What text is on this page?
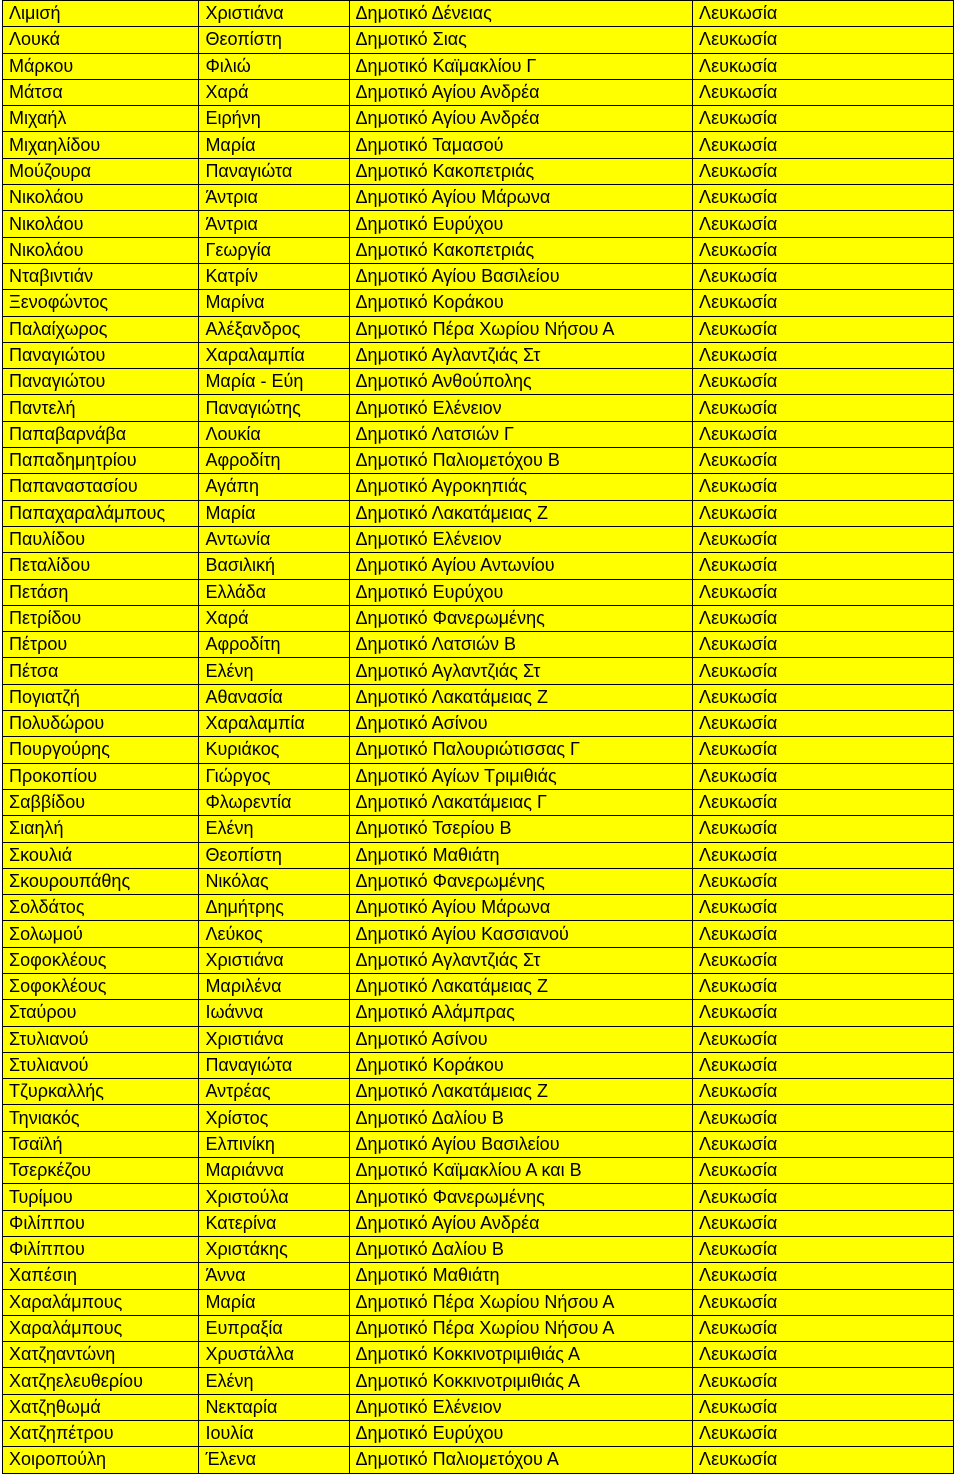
Λιμισή	Χριστιάνα	Δημοτικό Δένειας	Λευκωσία
Λουκά	Θεοπίστη	Δημοτικό Σιας	Λευκωσία
Μάρκου	Φιλιώ	Δημοτικό Καϊμακλίου Γ	Λευκωσία
Μάτσα	Χαρά	Δημοτικό Αγίου Ανδρέα	Λευκωσία
Μιχαήλ	Ειρήνη	Δημοτικό Αγίου Ανδρέα	Λευκωσία
Μιχαηλίδου	Μαρία	Δημοτικό Ταμασού	Λευκωσία
Μούζουρα	Παναγιώτα	Δημοτικό Κακοπετριάς	Λευκωσία
Νικολάου	Άντρια	Δημοτικό Αγίου Μάρωνα	Λευκωσία
Νικολάου	Άντρια	Δημοτικό Ευρύχου	Λευκωσία
Νικολάου	Γεωργία	Δημοτικό Κακοπετριάς	Λευκωσία
Νταβιντιάν	Κατρίν	Δημοτικό Αγίου Βασιλείου	Λευκωσία
Ξενοφώντος	Μαρίνα	Δημοτικό Κοράκου	Λευκωσία
Παλαίχωρος	Αλέξανδρος	Δημοτικό Πέρα Χωρίου Νήσου Α	Λευκωσία
Παναγιώτου	Χαραλαμπία	Δημοτικό Αγλαντζιάς Στ	Λευκωσία
Παναγιώτου	Μαρία - Εύη	Δημοτικό Ανθούπολης	Λευκωσία
Παντελή	Παναγιώτης	Δημοτικό Ελένειον	Λευκωσία
Παπαβαρνάβα	Λουκία	Δημοτικό Λατσιών Γ	Λευκωσία
Παπαδημητρίου	Αφροδίτη	Δημοτικό Παλιομετόχου Β	Λευκωσία
Παπαναστασίου	Αγάπη	Δημοτικό Αγροκηπιάς	Λευκωσία
Παπαχαραλάμπους	Μαρία	Δημοτικό Λακατάμειας Ζ	Λευκωσία
Παυλίδου	Αντωνία	Δημοτικό Ελένειον	Λευκωσία
Πεταλίδου	Βασιλική	Δημοτικό Αγίου Αντωνίου	Λευκωσία
Πετάση	Ελλάδα	Δημοτικό Ευρύχου	Λευκωσία
Πετρίδου	Χαρά	Δημοτικό Φανερωμένης	Λευκωσία
Πέτρου	Αφροδίτη	Δημοτικό Λατσιών Β	Λευκωσία
Πέτσα	Ελένη	Δημοτικό Αγλαντζιάς Στ	Λευκωσία
Πογιατζή	Αθανασία	Δημοτικό Λακατάμειας Ζ	Λευκωσία
Πολυδώρου	Χαραλαμπία	Δημοτικό Ασίνου	Λευκωσία
Πουργούρης	Κυριάκος	Δημοτικό Παλουριώτισσας Γ	Λευκωσία
Προκοπίου	Γιώργος	Δημοτικό Αγίων Τριμιθιάς	Λευκωσία
Σαββίδου	Φλωρεντία	Δημοτικό Λακατάμειας Γ	Λευκωσία
Σιαηλή	Ελένη	Δημοτικό Τσερίου Β	Λευκωσία
Σκουλιά	Θεοπίστη	Δημοτικό Μαθιάτη	Λευκωσία
Σκουρουπάθης	Νικόλας	Δημοτικό Φανερωμένης	Λευκωσία
Σολδάτος	Δημήτρης	Δημοτικό Αγίου Μάρωνα	Λευκωσία
Σολωμού	Λεύκος	Δημοτικό Αγίου Κασσιανού	Λευκωσία
Σοφοκλέους	Χριστιάνα	Δημοτικό Αγλαντζιάς Στ	Λευκωσία
Σοφοκλέους	Μαριλένα	Δημοτικό Λακατάμειας Ζ	Λευκωσία
Σταύρου	Ιωάννα	Δημοτικό Αλάμπρας	Λευκωσία
Στυλιανού	Χριστιάνα	Δημοτικό Ασίνου	Λευκωσία
Στυλιανού	Παναγιώτα	Δημοτικό Κοράκου	Λευκωσία
Τζυρκαλλής	Αντρέας	Δημοτικό Λακατάμειας Ζ	Λευκωσία
Τηνιακός	Χρίστος	Δημοτικό Δαλίου Β	Λευκωσία
Τσαϊλή	Ελπινίκη	Δημοτικό Αγίου Βασιλείου	Λευκωσία
Τσερκέζου	Μαριάννα	Δημοτικό Καϊμακλίου Α και Β	Λευκωσία
Τυρίμου	Χριστούλα	Δημοτικό Φανερωμένης	Λευκωσία
Φιλίππου	Κατερίνα	Δημοτικό Αγίου Ανδρέα	Λευκωσία
Φιλίππου	Χριστάκης	Δημοτικό Δαλίου Β	Λευκωσία
Χαπέσιη	Άννα	Δημοτικό Μαθιάτη	Λευκωσία
Χαραλάμπους	Μαρία	Δημοτικό Πέρα Χωρίου Νήσου Α	Λευκωσία
Χαραλάμπους	Ευπραξία	Δημοτικό Πέρα Χωρίου Νήσου Α	Λευκωσία
Χατζηαντώνη	Χρυστάλλα	Δημοτικό Κοκκινοτριμιθιάς Α	Λευκωσία
Χατζηελευθερίου	Ελένη	Δημοτικό Κοκκινοτριμιθιάς Α	Λευκωσία
Χατζηθωμά	Νεκταρία	Δημοτικό Ελένειον	Λευκωσία
Χατζηπέτρου	Ιουλία	Δημοτικό Ευρύχου	Λευκωσία
Χοιροπούλη	Έλενα	Δημοτικό Παλιομετόχου Α	Λευκωσία
